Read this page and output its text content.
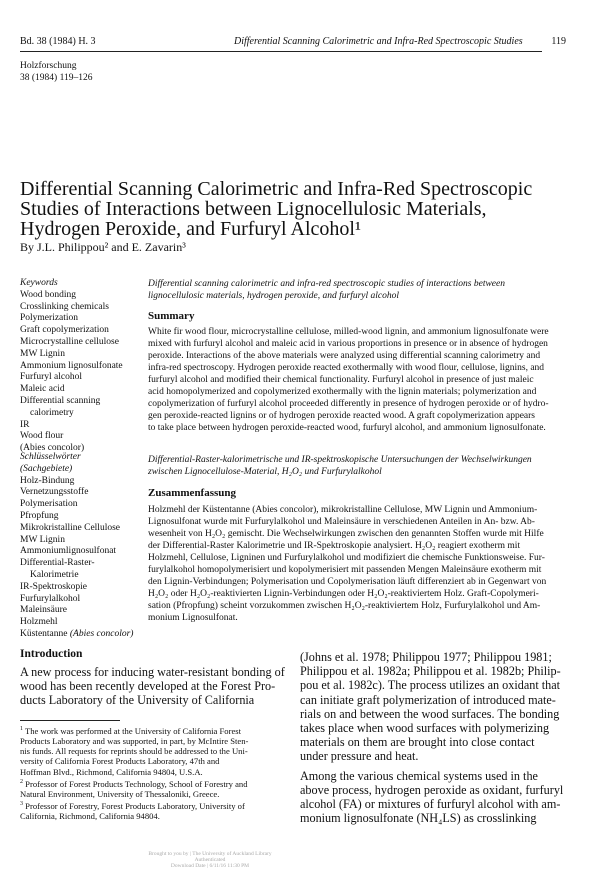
Bd. 38 (1984) H. 3	Differential Scanning Calorimetric and Infra-Red Spectroscopic Studies	119
Holzforschung
38 (1984) 119–126
Differential Scanning Calorimetric and Infra-Red Spectroscopic
Studies of Interactions between Lignocellulosic Materials,
Hydrogen Peroxide, and Furfuryl Alcohol¹
By J.L. Philippou² and E. Zavarin³
Keywords
Wood bonding
Crosslinking chemicals
Polymerization
Graft copolymerization
Microcrystalline cellulose
MW Lignin
Ammonium lignosulfonate
Furfuryl alcohol
Maleic acid
Differential scanning
calorimetry
IR
Wood flour
(Abies concolor)
Differential scanning calorimetric and infra-red spectroscopic studies of interactions between
lignocellulosic materials, hydrogen peroxide, and furfuryl alcohol
Summary
White fir wood flour, microcrystalline cellulose, milled-wood lignin, and ammonium lignosulfonate were
mixed with furfuryl alcohol and maleic acid in various proportions in presence or in absence of hydrogen
peroxide. Interactions of the above materials were analyzed using differential scanning calorimetry and
infra-red spectroscopy. Hydrogen peroxide reacted exothermally with wood flour, cellulose, lignins, and
furfuryl alcohol and modified their chemical functionality. Furfuryl alcohol in presence of just maleic
acid homopolymerized and copolymerized exothermally with the lignin materials; polymerization and
copolymerization of furfuryl alcohol proceeded differently in presence of hydrogen peroxide or of hydro-
gen peroxide-reacted lignins or of hydrogen peroxide reacted wood. A graft copolymerization appears
to take place between hydrogen peroxide-reacted wood, furfuryl alcohol, and ammonium lignosulfonate.
Schlüsselwörter
(Sachgebiete)
Holz-Bindung
Vernetzungsstoffe
Polymerisation
Pfropfung
Mikrokristalline Cellulose
MW Lignin
Ammoniumlignosulfonat
Differential-Raster-
Kalorimetrie
IR-Spektroskopie
Furfurylalkohol
Maleinsäure
Holzmehl
Küstentanne (Abies concolor)
Differential-Raster-kalorimetrische und IR-spektroskopische Untersuchungen der Wechselwirkungen
zwischen Lignocellulose-Material, H₂O₂ und Furfurylalkohol
Zusammenfassung
Holzmehl der Küstentanne (Abies concolor), mikrokristalline Cellulose, MW Lignin und Ammonium-
Lignosulfonat wurde mit Furfurylalkohol und Maleinsäure in verschiedenen Anteilen in An- bzw. Ab-
wesenheit von H₂O₂ gemischt. Die Wechselwirkungen zwischen den genannten Stoffen wurde mit Hilfe
der Differential-Raster Kalorimetrie und IR-Spektroskopie analysiert. H₂O₂ reagiert exotherm mit
Holzmehl, Cellulose, Ligninen und Furfurylalkohol und modifiziert die chemische Funktionsweise. Fur-
furylalkohol homopolymerisiert und kopolymerisiert mit passenden Mengen Maleinsäure exotherm mit
den Lignin-Verbindungen; Polymerisation und Copolymerisation läuft differenziert ab in Gegenwart von
H₂O₂ oder H₂O₂-reaktivierten Lignin-Verbindungen oder H₂O₂-reaktiviertem Holz. Graft-Copolymeri-
sation (Pfropfung) scheint vorzukommen zwischen H₂O₂-reaktiviertem Holz, Furfurylalkohol und Am-
monium Lignosulfonat.
Introduction
A new process for inducing water-resistant bonding of
wood has been recently developed at the Forest Pro-
ducts Laboratory of the University of California
$^1$ The work was performed at the University of California Forest
Products Laboratory and was supported, in part, by McIntire Sten-
nis funds. All requests for reprints should be addressed to the Uni-
versity of California Forest Products Laboratory, 47th and
Hoffman Blvd., Richmond, California 94804, U.S.A.
$^2$ Professor of Forest Products Technology, School of Forestry and
Natural Environment, University of Thessaloniki, Greece.
$^3$ Professor of Forestry, Forest Products Laboratory, University of
California, Richmond, California 94804.
(Johns et al. 1978; Philippou 1977; Philippou 1981;
Philippou et al. 1982a; Philippou et al. 1982b; Philip-
pou et al. 1982c). The process utilizes an oxidant that
can initiate graft polymerization of introduced mate-
rials on and between the wood surfaces. The bonding
takes place when wood surfaces with polymerizing
materials on them are brought into close contact
under pressure and heat.
Among the various chemical systems used in the
above process, hydrogen peroxide as oxidant, furfuryl
alcohol (FA) or mixtures of furfuryl alcohol with am-
monium lignosulfonate (NH₄LS) as crosslinking
Brought to you by | The University of Auckland Library
Authenticated
Download Date | 6/11/16 11:30 PM
